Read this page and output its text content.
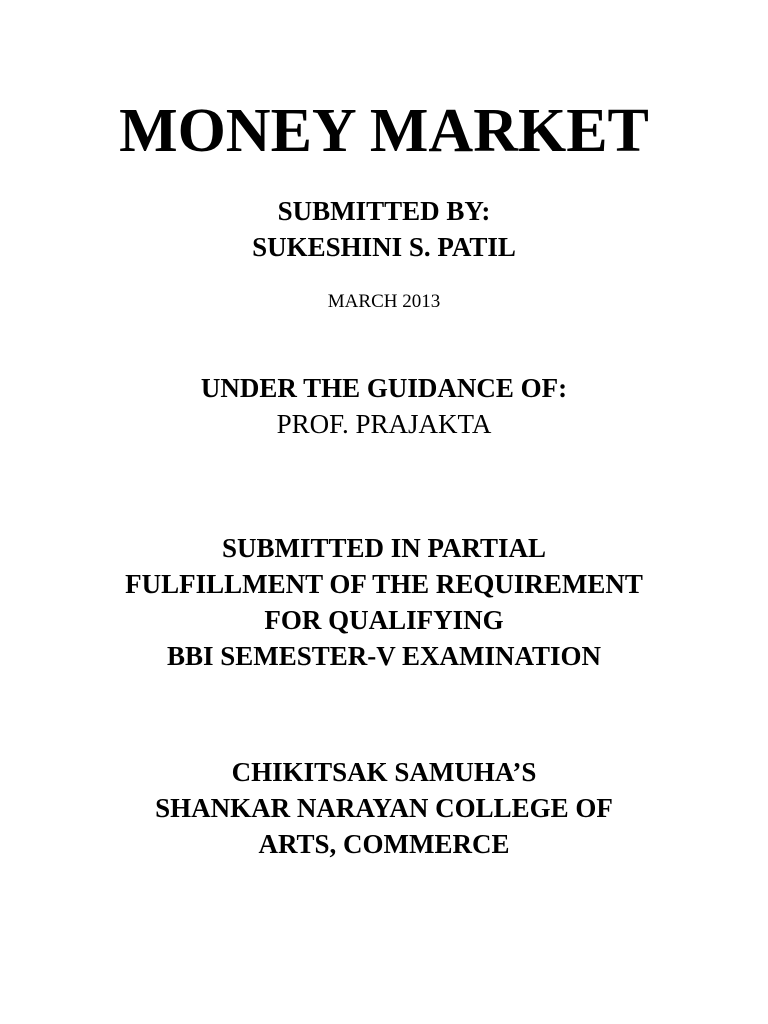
MONEY MARKET
SUBMITTED BY:
SUKESHINI S. PATIL
MARCH 2013
UNDER THE GUIDANCE OF:
PROF. PRAJAKTA
SUBMITTED IN PARTIAL
FULFILLMENT OF THE REQUIREMENT
FOR QUALIFYING
BBI SEMESTER-V EXAMINATION
CHIKITSAK SAMUHA’S
SHANKAR NARAYAN COLLEGE OF
ARTS, COMMERCE
